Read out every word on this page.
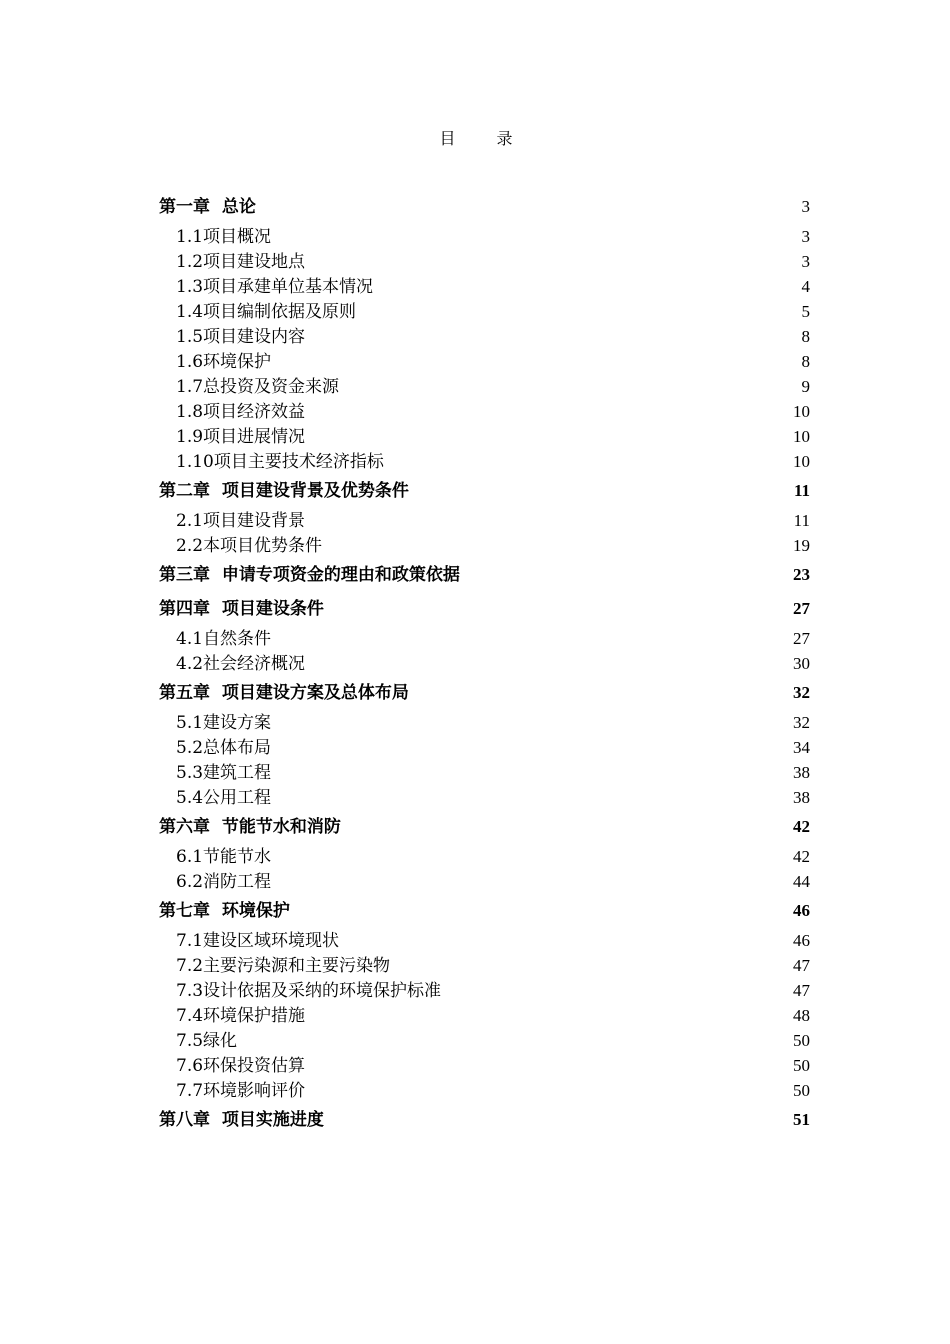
目 录
第一章  总论	3
1.1项目概况	3
1.2项目建设地点	3
1.3项目承建单位基本情况	4
1.4项目编制依据及原则	5
1.5项目建设内容	8
1.6环境保护	8
1.7总投资及资金来源	9
1.8项目经济效益	10
1.9项目进展情况	10
1.10项目主要技术经济指标	10
第二章  项目建设背景及优势条件	11
2.1项目建设背景	11
2.2本项目优势条件	19
第三章  申请专项资金的理由和政策依据	23
第四章  项目建设条件	27
4.1自然条件	27
4.2社会经济概况	30
第五章  项目建设方案及总体布局	32
5.1建设方案	32
5.2总体布局	34
5.3建筑工程	38
5.4公用工程	38
第六章  节能节水和消防	42
6.1节能节水	42
6.2消防工程	44
第七章  环境保护	46
7.1建设区域环境现状	46
7.2主要污染源和主要污染物	47
7.3设计依据及采纳的环境保护标准	47
7.4环境保护措施	48
7.5绿化	50
7.6环保投资估算	50
7.7环境影响评价	50
第八章  项目实施进度	51
